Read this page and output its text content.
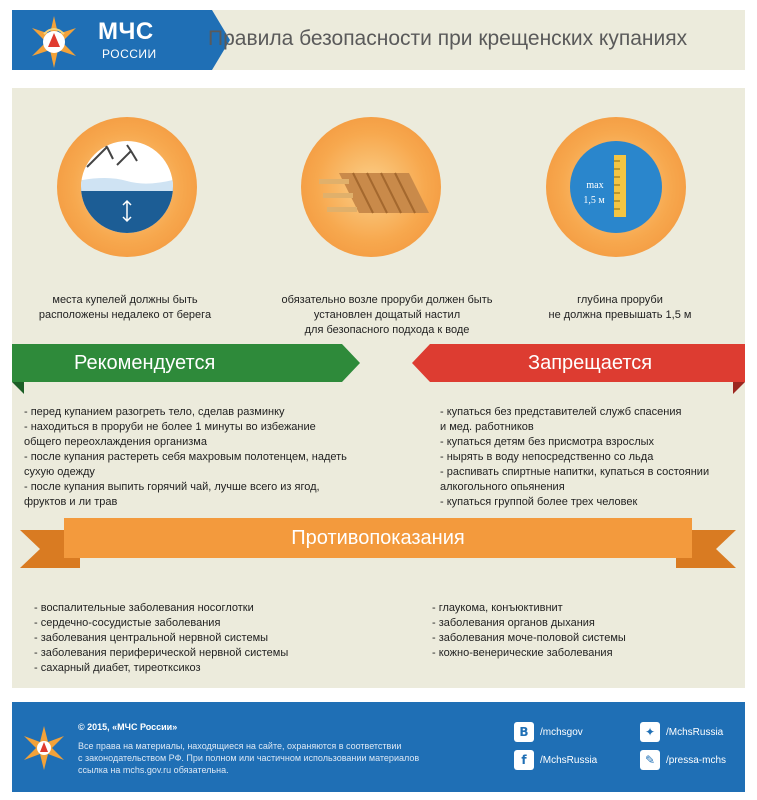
МЧС
РОССИИ
Правила безопасности при крещенских купаниях
места купелей должны быть
расположены недалеко от берега
обязательно возле проруби должен быть
установлен дощатый настил
для безопасного подхода к воде
max
1,5 м
глубина проруби
не должна превышать 1,5 м
Рекомендуется	Запрещается
- перед купанием разогреть тело, сделав разминку
- находиться в проруби не более 1 минуты во избежание
общего переохлаждения организма
- после купания растереть себя махровым полотенцем, надеть
сухую одежду
- после купания выпить горячий чай, лучше всего из ягод,
фруктов и ли трав
- купаться без представителей служб спасения
и мед. работников
- купаться детям без присмотра взрослых
- нырять в воду непосредственно со льда
- распивать спиртные напитки, купаться в состоянии
алкогольного опьянения
- купаться группой более трех человек
Противопоказания
- воспалительные заболевания носоглотки
- сердечно-сосудистые заболевания
- заболевания центральной нервной системы
- заболевания периферической нервной системы
- сахарный диабет, тиреотксикоз
- глаукома, конъюктивнит
- заболевания органов дыхания
- заболевания моче-половой системы
- кожно-венерические заболевания
© 2015, «МЧС России»
Все права на материалы, находящиеся на сайте, охраняются в соответствии
с законодательством РФ. При полном или частичном использовании материалов
ссылка на mchs.gov.ru обязательна.
B	/mchsgov	✦	/MchsRussia
f	/MchsRussia	✎	/pressa-mchs
